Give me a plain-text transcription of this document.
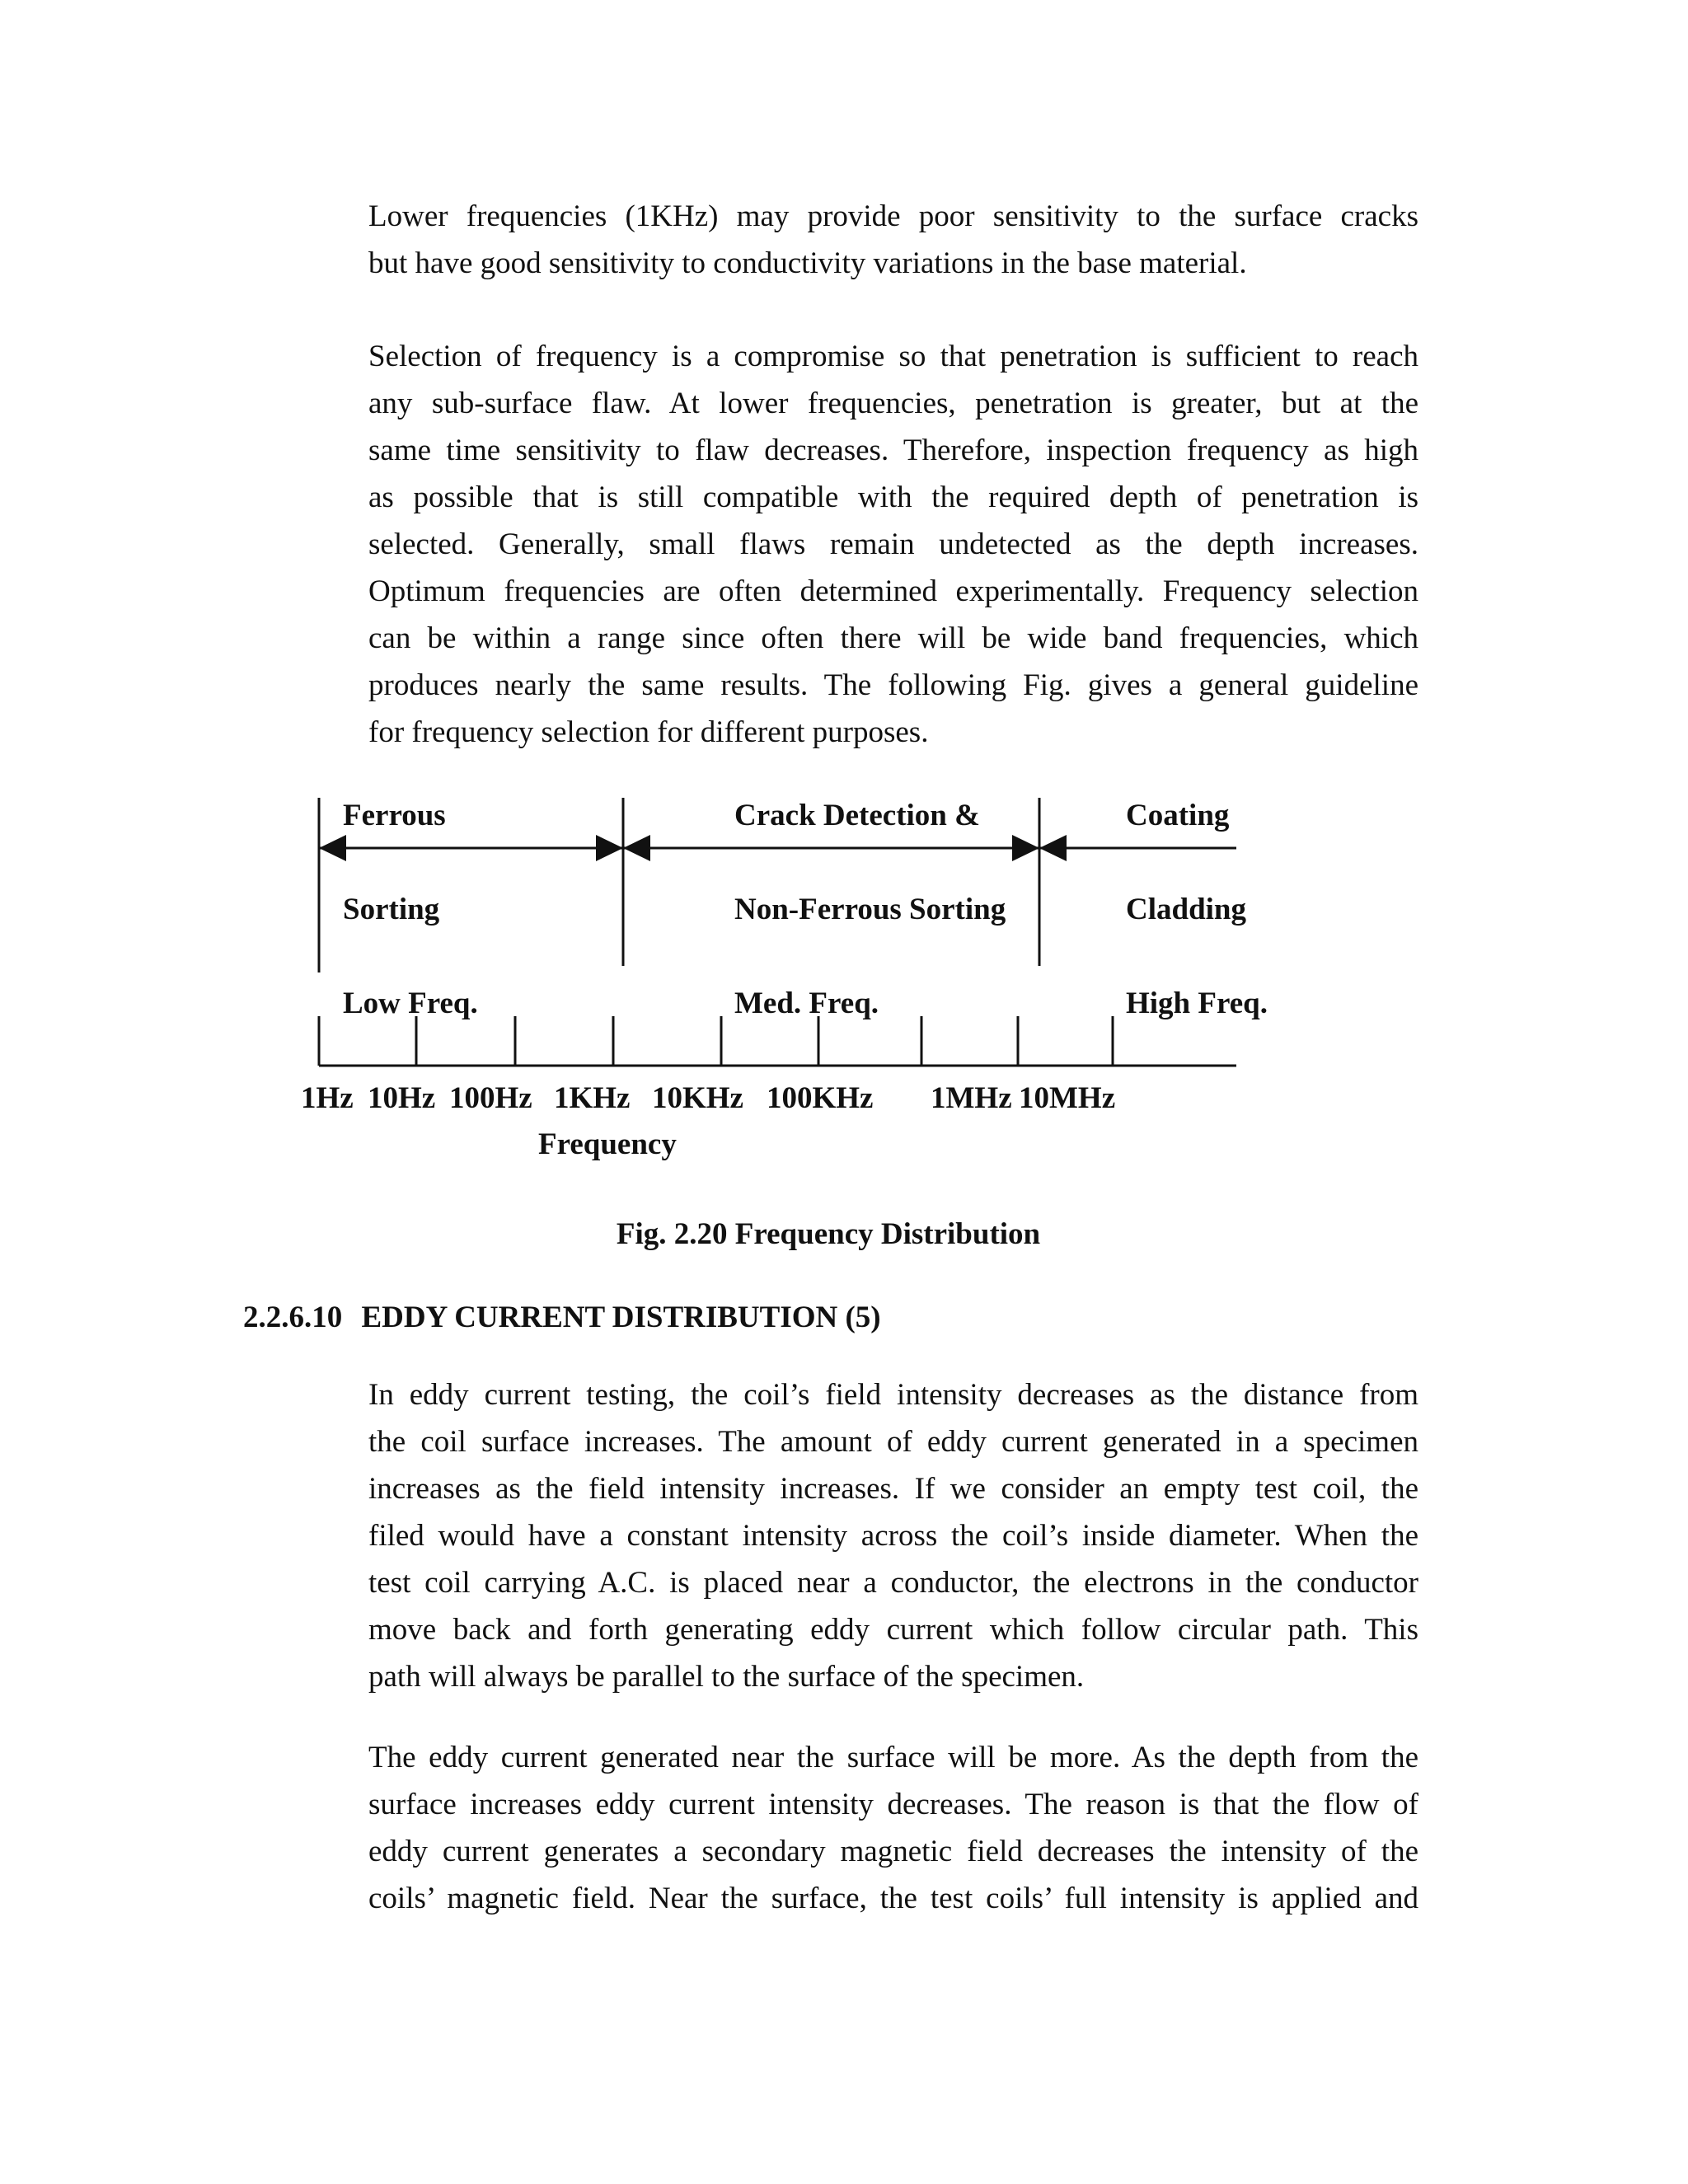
Lower frequencies (1KHz) may provide poor sensitivity to the surface cracks
but have good sensitivity to conductivity variations in the base material.
Selection of frequency is a compromise so that penetration is sufficient to reach
any sub-surface flaw. At lower frequencies, penetration is greater, but at the
same time sensitivity to flaw decreases. Therefore, inspection frequency as high
as possible that is still compatible with the required depth of penetration is
selected. Generally, small flaws remain undetected as the depth increases.
Optimum frequencies are often determined experimentally. Frequency selection
can be within a range since often there will be wide band frequencies, which
produces nearly the same results. The following Fig. gives a general guideline
for frequency selection for different purposes.
Ferrous
Sorting
Low Freq.
Crack Detection &
Non-Ferrous Sorting
Med. Freq.
Coating
Cladding
High Freq.
1Hz 10Hz 100Hz 1KHz 10KHz 100KHz 1MHz 10MHz
Frequency

Fig. 2.20 Frequency Distribution

2.2.6.10 EDDY CURRENT DISTRIBUTION (5)
In eddy current testing, the coil’s field intensity decreases as the distance from
the coil surface increases. The amount of eddy current generated in a specimen
increases as the field intensity increases. If we consider an empty test coil, the
filed would have a constant intensity across the coil’s inside diameter. When the
test coil carrying A.C. is placed near a conductor, the electrons in the conductor
move back and forth generating eddy current which follow circular path. This
path will always be parallel to the surface of the specimen.
The eddy current generated near the surface will be more. As the depth from the
surface increases eddy current intensity decreases. The reason is that the flow of
eddy current generates a secondary magnetic field decreases the intensity of the
coils’ magnetic field. Near the surface, the test coils’ full intensity is applied and
